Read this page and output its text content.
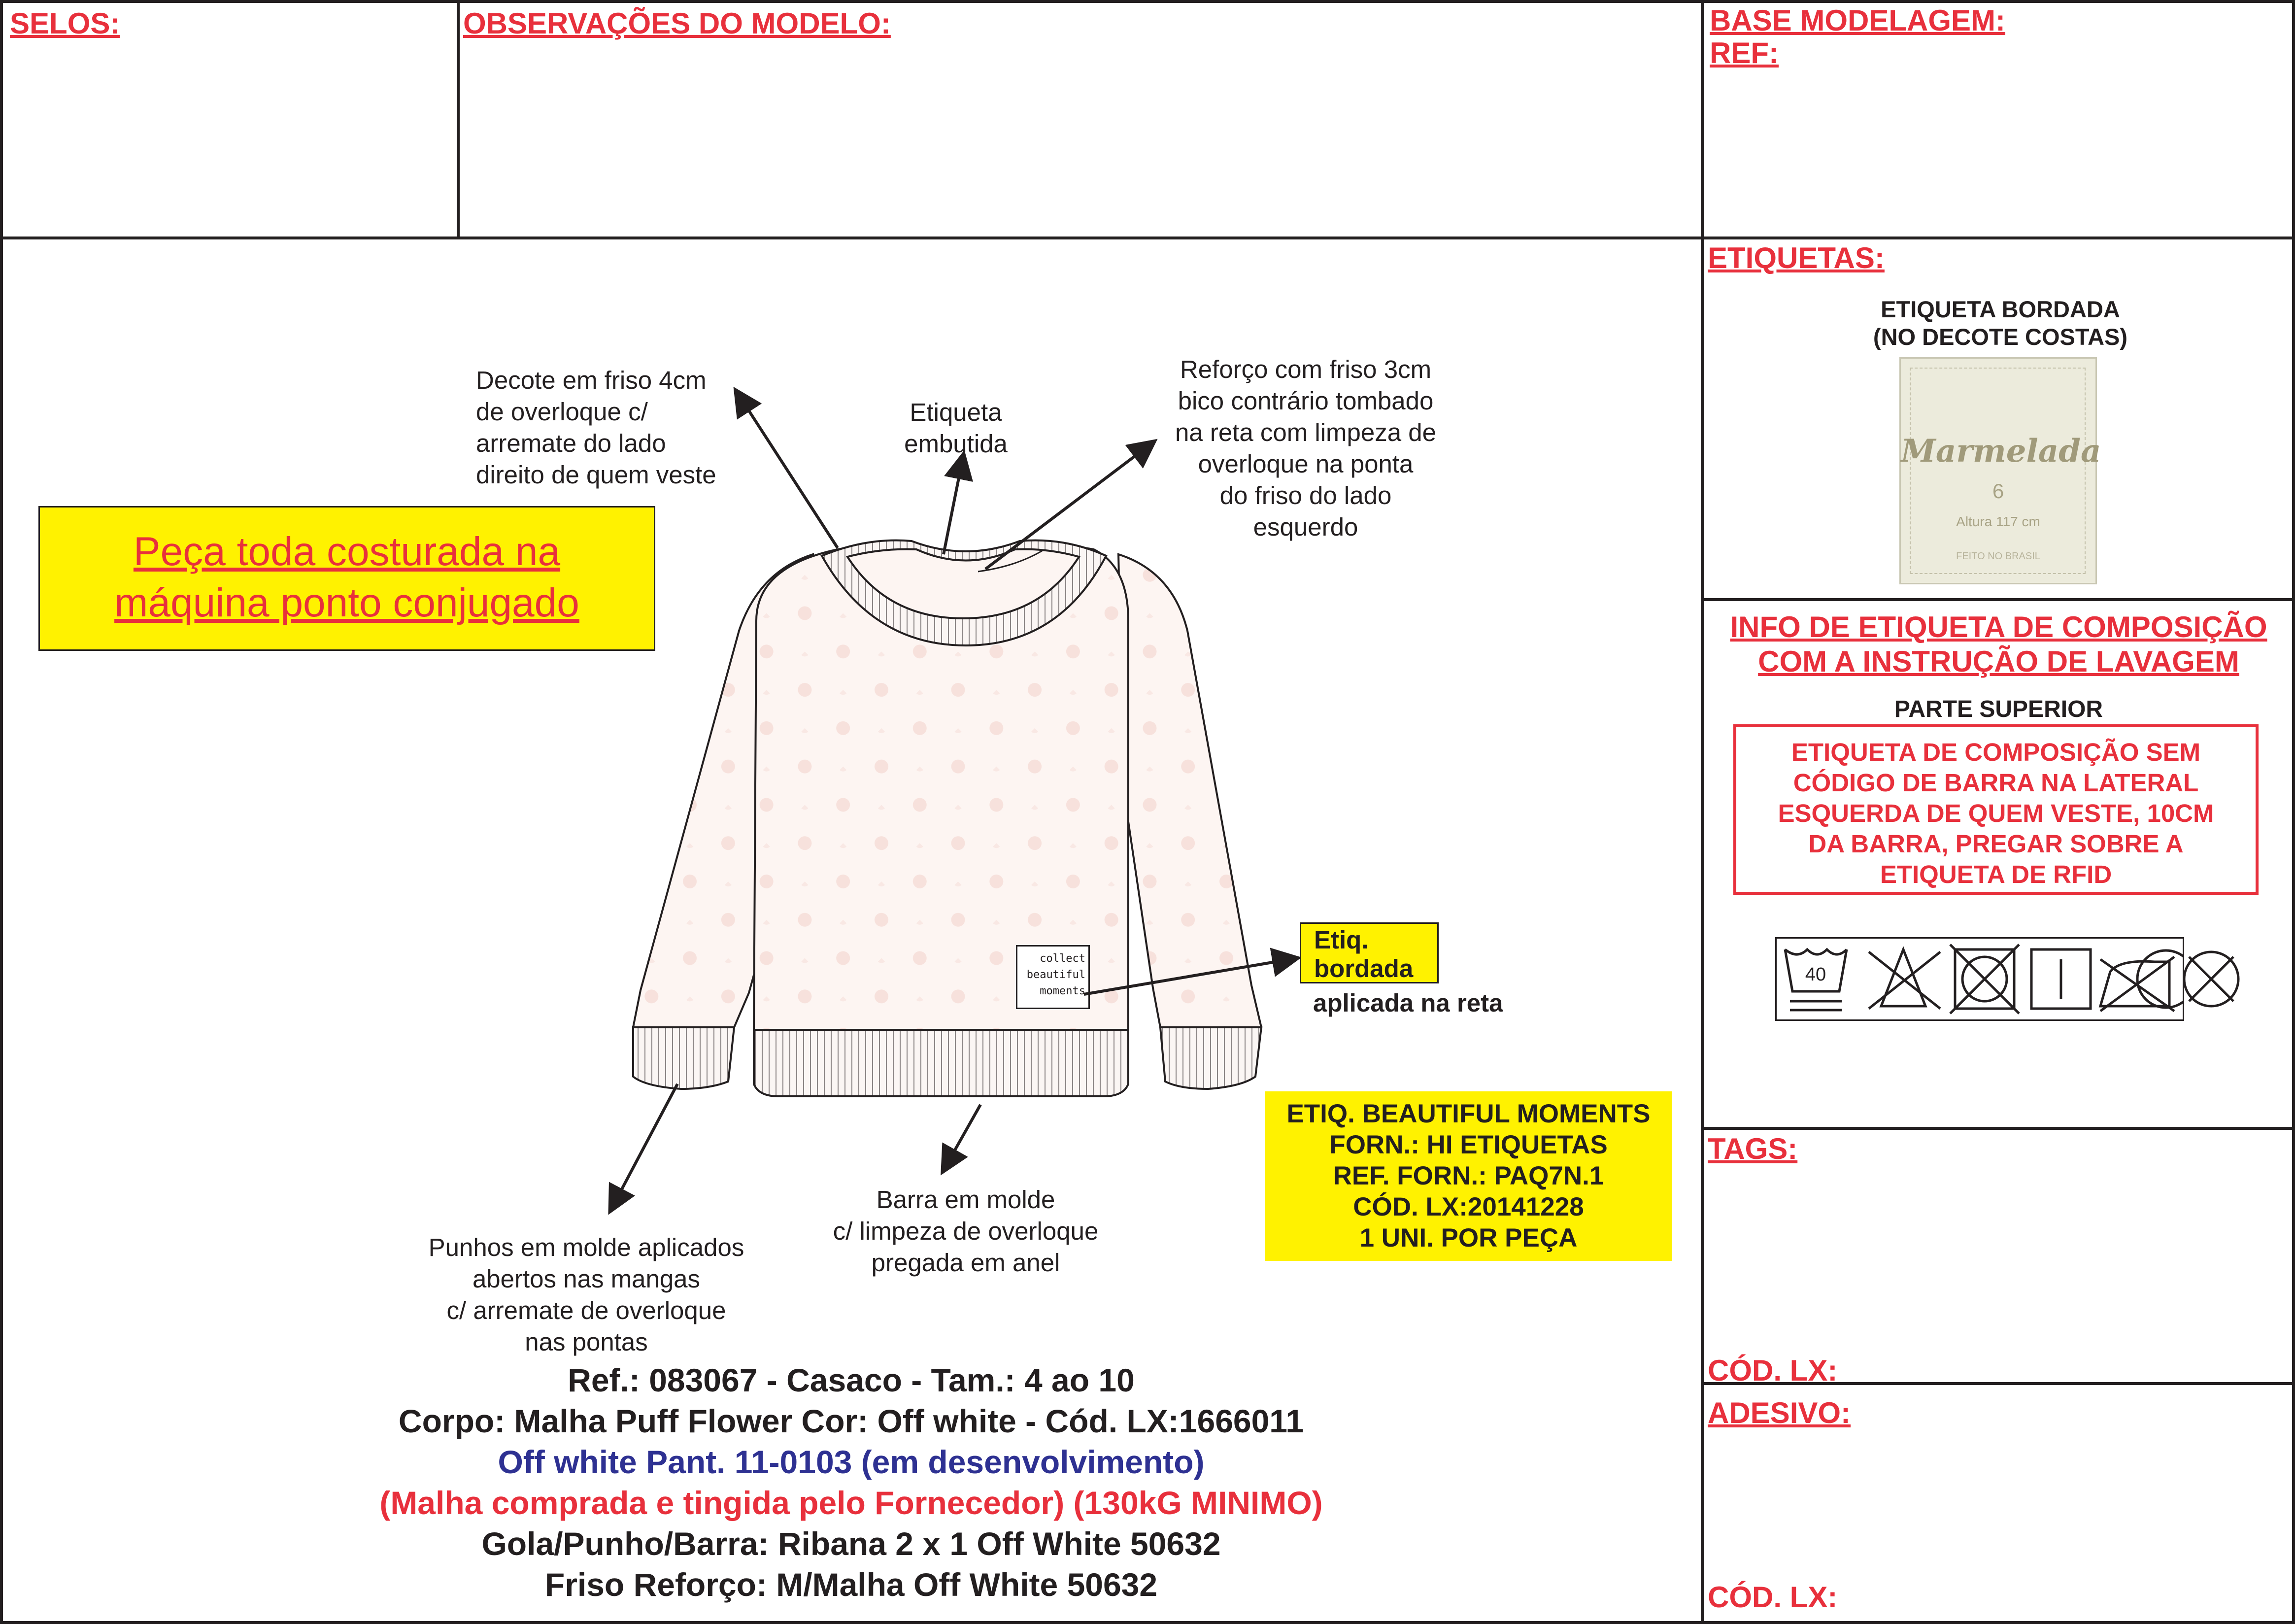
SELOS:	OBSERVAÇÕES DO MODELO:	BASE MODELAGEM:
REF:
ETIQUETAS:
ETIQUETA BORDADA
(NO DECOTE COSTAS)
Marmelada
6
Altura 117 cm
FEITO NO BRASIL
INFO DE ETIQUETA DE COMPOSIÇÃO
COM A INSTRUÇÃO DE LAVAGEM
PARTE SUPERIOR
ETIQUETA DE COMPOSIÇÃO SEM
CÓDIGO DE BARRA NA LATERAL
ESQUERDA DE QUEM VESTE, 10CM
DA BARRA, PREGAR SOBRE A
ETIQUETA DE RFID
40
TAGS:
CÓD. LX:
ADESIVO:
CÓD. LX:
Peça toda costurada na
máquina ponto conjugado
collect
beautiful
moments
Decote em friso 4cm
de overloque c/
arremate do lado
direito de quem veste
Etiqueta
embutida
Reforço com friso 3cm
bico contrário tombado
na reta com limpeza de
overloque na ponta
do friso do lado
esquerdo
Etiq.
bordada
aplicada na reta
Punhos em molde aplicados
abertos nas mangas
c/ arremate de overloque
nas pontas
Barra em molde
c/ limpeza de overloque
pregada em anel
ETIQ. BEAUTIFUL MOMENTS
FORN.: HI ETIQUETAS
REF. FORN.: PAQ7N.1
CÓD. LX:20141228
1 UNI. POR PEÇA
Ref.: 083067 - Casaco - Tam.: 4 ao 10
Corpo: Malha Puff Flower Cor: Off white - Cód. LX:1666011
Off white Pant. 11-0103 (em desenvolvimento)
(Malha comprada e tingida pelo Fornecedor) (130kG MINIMO)
Gola/Punho/Barra: Ribana 2 x 1 Off White 50632
Friso Reforço: M/Malha Off White 50632
